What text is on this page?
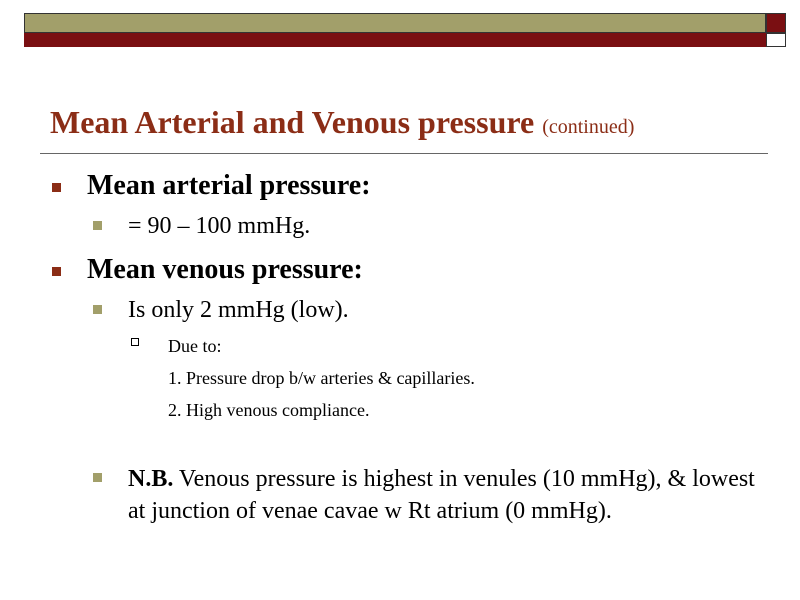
Mean Arterial and Venous pressure (continued)
Mean arterial pressure:
= 90 – 100 mmHg.
Mean venous pressure:
Is only 2 mmHg (low).
Due to:
1. Pressure drop b/w arteries & capillaries.
2. High venous compliance.
N.B. Venous pressure is highest in venules (10 mmHg), & lowest at junction of venae cavae w Rt atrium (0 mmHg).
